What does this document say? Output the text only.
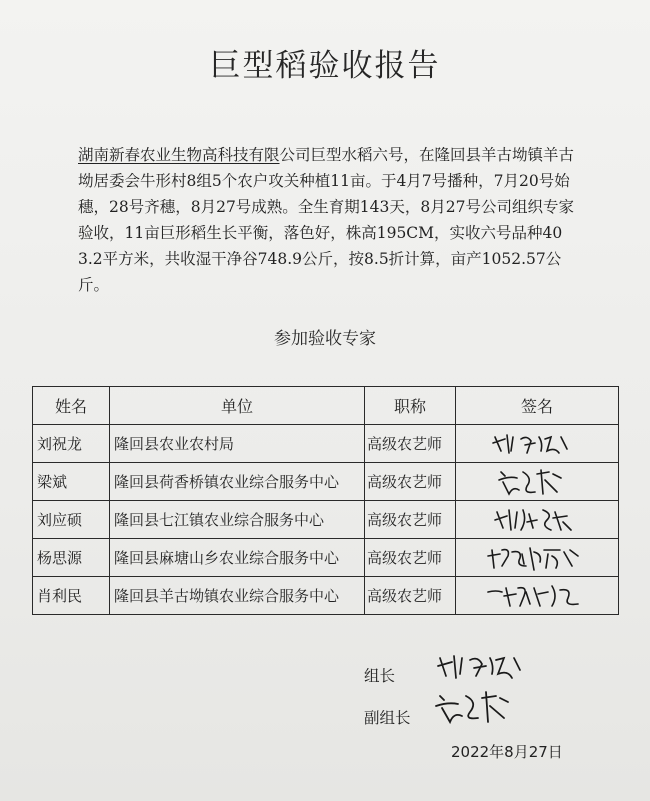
巨型稻验收报告
湖南新春农业生物高科技有限公司巨型水稻六号，在隆回县羊古坳镇羊古坳居委会牛形村8组5个农户攻关种植11亩。于4月7号播种，7月20号始穗，28号齐穗，8月27号成熟。全生育期143天，8月27号公司组织专家验收，11亩巨形稻生长平衡，落色好，株高195CM，实收六号品种403.2平方米，共收湿干净谷748.9公斤，按8.5折计算，亩产1052.57公斤。
参加验收专家
姓名	单位	职称	签名
刘祝龙	隆回县农业农村局	高级农艺师	

梁斌	隆回县荷香桥镇农业综合服务中心	高级农艺师	

刘应硕	隆回县七江镇农业综合服务中心	高级农艺师	

杨思源	隆回县麻塘山乡农业综合服务中心	高级农艺师	

肖利民	隆回县羊古坳镇农业综合服务中心	高级农艺师	
组长
副组长
2022年8月27日
